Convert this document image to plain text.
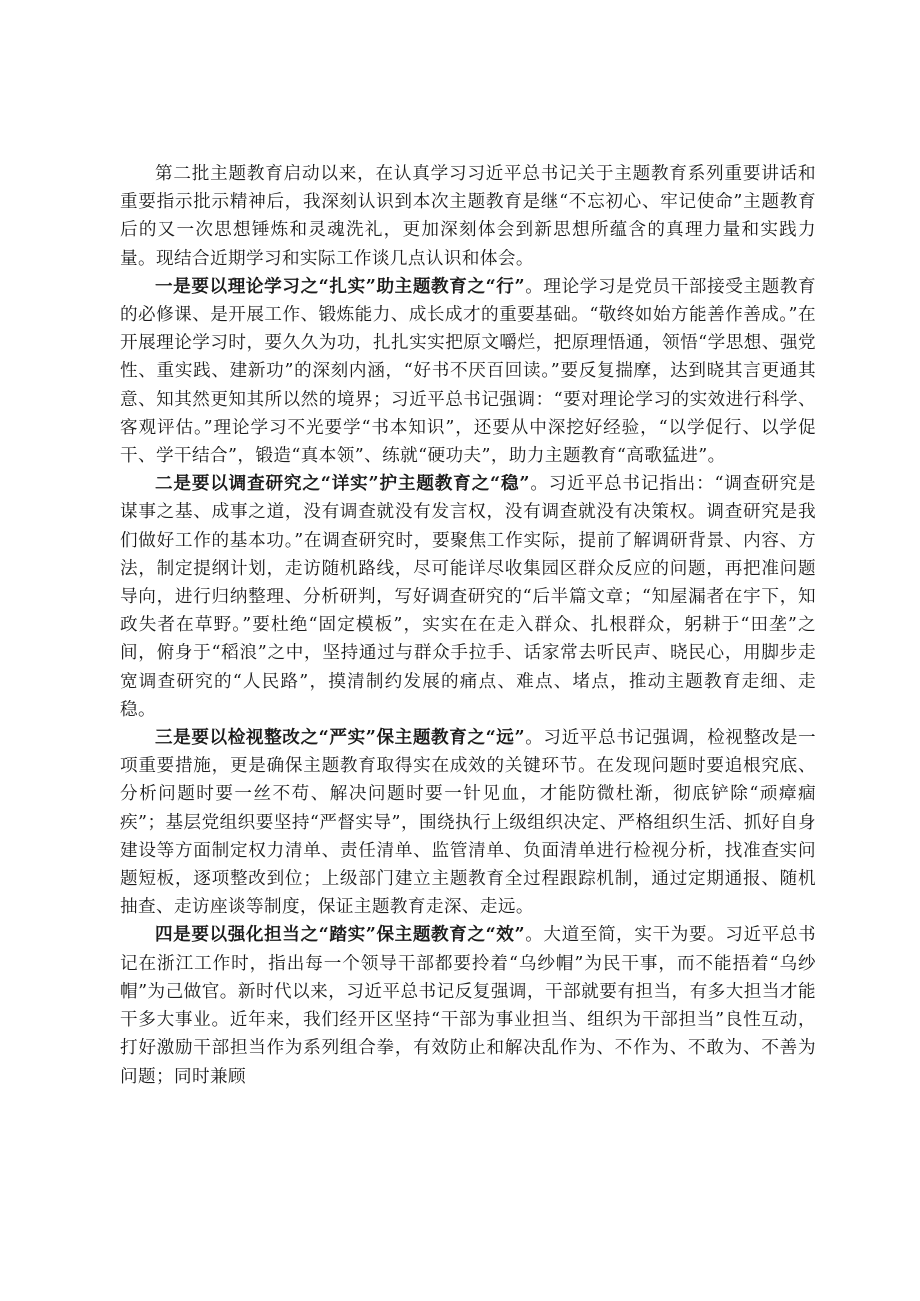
第二批主题教育启动以来，在认真学习习近平总书记关于主题教育系列重要讲话和重要指示批示精神后，我深刻认识到本次主题教育是继“不忘初心、牢记使命”主题教育后的又一次思想锤炼和灵魂洗礼，更加深刻体会到新思想所蕴含的真理力量和实践力量。现结合近期学习和实际工作谈几点认识和体会。

一是要以理论学习之“扎实”助主题教育之“行”。理论学习是党员干部接受主题教育的必修课、是开展工作、锻炼能力、成长成才的重要基础。“敬终如始方能善作善成。”在开展理论学习时，要久久为功，扎扎实实把原文嚼烂，把原理悟通，领悟“学思想、强党性、重实践、建新功”的深刻内涵，“好书不厌百回读。”要反复揣摩，达到晓其言更通其意、知其然更知其所以然的境界；习近平总书记强调：“要对理论学习的实效进行科学、客观评估。”理论学习不光要学“书本知识”，还要从中深挖好经验，“以学促行、以学促干、学干结合”，锻造“真本领”、练就“硬功夫”，助力主题教育“高歌猛进”。

二是要以调查研究之“详实”护主题教育之“稳”。习近平总书记指出：“调查研究是谋事之基、成事之道，没有调查就没有发言权，没有调查就没有决策权。调查研究是我们做好工作的基本功。”在调查研究时，要聚焦工作实际，提前了解调研背景、内容、方法，制定提纲计划，走访随机路线，尽可能详尽收集园区群众反应的问题，再把准问题导向，进行归纳整理、分析研判，写好调查研究的“后半篇文章；“知屋漏者在宇下，知政失者在草野。”要杜绝“固定模板”，实实在在走入群众、扎根群众，躬耕于“田垄”之间，俯身于“稻浪”之中，坚持通过与群众手拉手、话家常去听民声、晓民心，用脚步走宽调查研究的“人民路”，摸清制约发展的痛点、难点、堵点，推动主题教育走细、走稳。

三是要以检视整改之“严实”保主题教育之“远”。习近平总书记强调，检视整改是一项重要措施，更是确保主题教育取得实在成效的关键环节。在发现问题时要追根究底、分析问题时要一丝不苟、解决问题时要一针见血，才能防微杜渐，彻底铲除“顽瘴痼疾”；基层党组织要坚持“严督实导”，围绕执行上级组织决定、严格组织生活、抓好自身建设等方面制定权力清单、责任清单、监管清单、负面清单进行检视分析，找准查实问题短板，逐项整改到位；上级部门建立主题教育全过程跟踪机制，通过定期通报、随机抽查、走访座谈等制度，保证主题教育走深、走远。

四是要以强化担当之“踏实”保主题教育之“效”。大道至简，实干为要。习近平总书记在浙江工作时，指出每一个领导干部都要拎着“乌纱帽”为民干事，而不能捂着“乌纱帽”为己做官。新时代以来，习近平总书记反复强调，干部就要有担当，有多大担当才能干多大事业。近年来，我们经开区坚持“干部为事业担当、组织为干部担当”良性互动，打好激励干部担当作为系列组合拳，有效防止和解决乱作为、不作为、不敢为、不善为问题；同时兼顾
